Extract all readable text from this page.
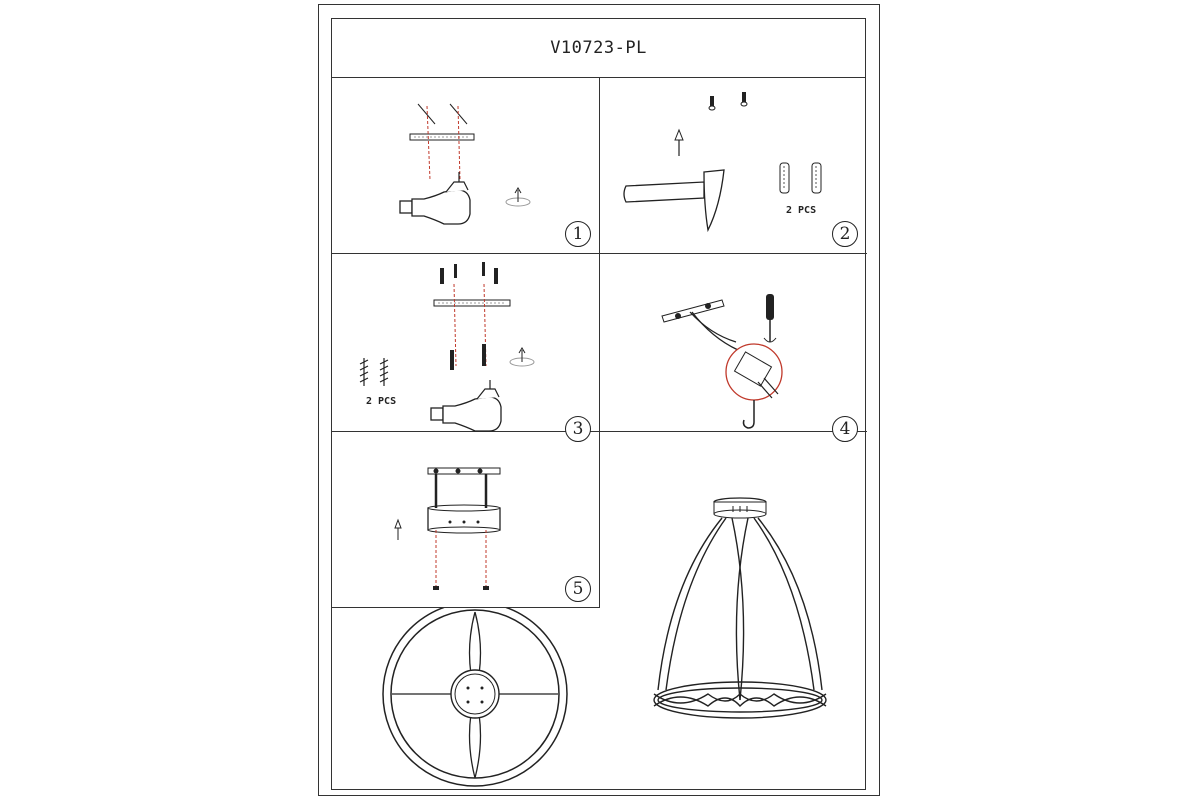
V10723-PL
1
2 PCS
2
2 PCS
3	4
5
